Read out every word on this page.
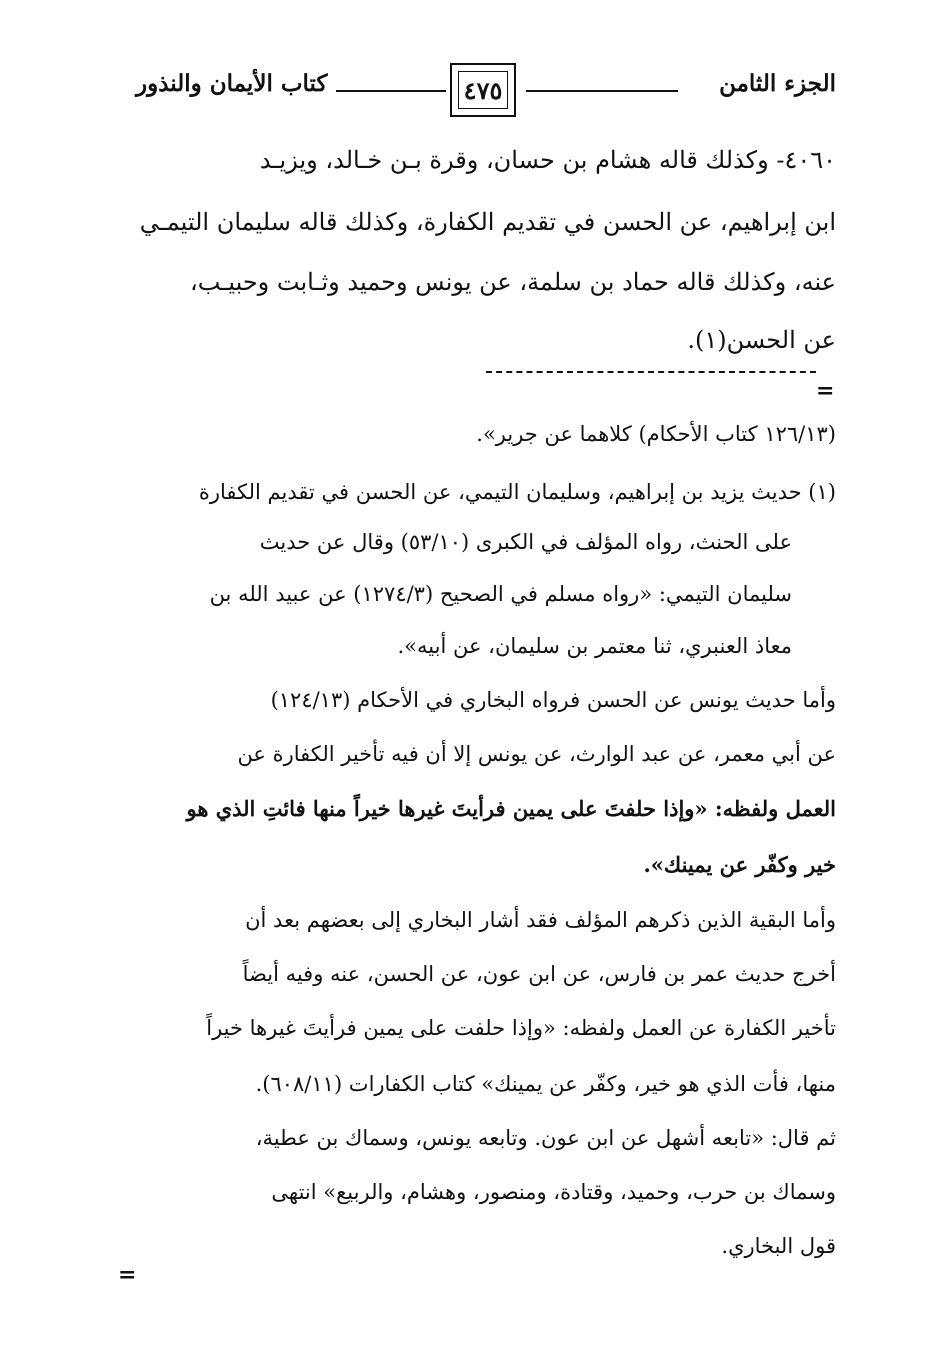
الجزء الثامن
٤٧٥
كتاب الأيمان والنذور
٤٠٦٠- وكذلك قاله هشام بن حسان، وقرة بـن خـالد، ويزيـد
ابن إبراهيم، عن الحسن في تقديم الكفارة، وكذلك قاله سليمان التيمـي
عنه، وكذلك قاله حماد بن سلمة، عن يونس وحميد وثـابت وحبيـب،
عن الحسن(١).
=
(١٢٦/١٣ كتاب الأحكام) كلاهما عن جرير».
(١) حديث يزيد بن إبراهيم، وسليمان التيمي، عن الحسن في تقديم الكفارة
على الحنث، رواه المؤلف في الكبرى (٥٣/١٠) وقال عن حديث
سليمان التيمي: «رواه مسلم في الصحيح (١٢٧٤/٣) عن عبيد الله بن
معاذ العنبري، ثنا معتمر بن سليمان، عن أبيه».
وأما حديث يونس عن الحسن فرواه البخاري في الأحكام (١٢٤/١٣)
عن أبي معمر، عن عبد الوارث، عن يونس إلا أن فيه تأخير الكفارة عن
العمل ولفظه: «وإذا حلفتَ على يمين فرأيتَ غيرها خيراً منها فائتِ الذي هو
خير وكفّر عن يمينك».
وأما البقية الذين ذكرهم المؤلف فقد أشار البخاري إلى بعضهم بعد أن
أخرج حديث عمر بن فارس، عن ابن عون، عن الحسن، عنه وفيه أيضاً
تأخير الكفارة عن العمل ولفظه: «وإذا حلفت على يمين فرأيتَ غيرها خيراً
منها، فأت الذي هو خير، وكفّر عن يمينك» كتاب الكفارات (٦٠٨/١١).
ثم قال: «تابعه أشهل عن ابن عون. وتابعه يونس، وسماك بن عطية،
وسماك بن حرب، وحميد، وقتادة، ومنصور، وهشام، والربيع» انتهى
قول البخاري.
=
